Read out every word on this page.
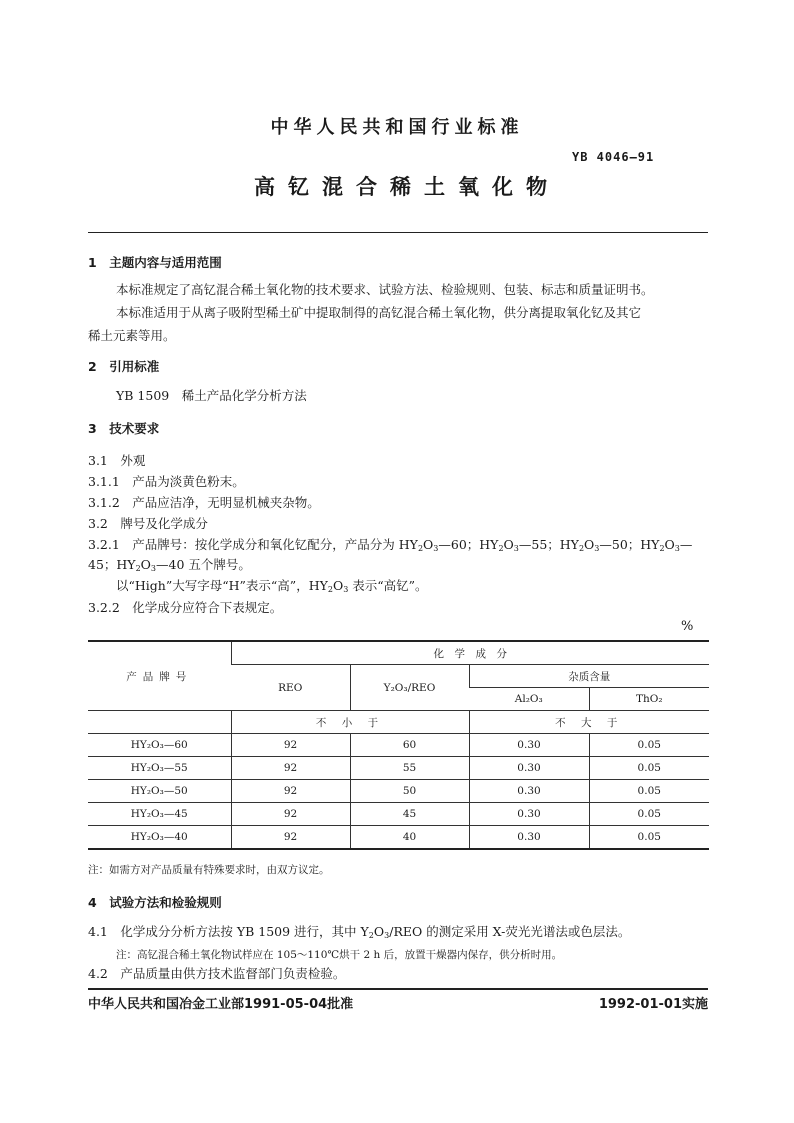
中华人民共和国行业标准
YB 4046—91
高钇混合稀土氧化物
1　主题内容与适用范围
本标准规定了高钇混合稀土氧化物的技术要求、试验方法、检验规则、包装、标志和质量证明书。
本标准适用于从离子吸附型稀土矿中提取制得的高钇混合稀土氧化物，供分离提取氧化钇及其它
稀土元素等用。
2　引用标准
YB 1509　稀土产品化学分析方法
3　技术要求
3.1　外观
3.1.1　产品为淡黄色粉末。
3.1.2　产品应洁净，无明显机械夹杂物。
3.2　牌号及化学成分
3.2.1　产品牌号：按化学成分和氧化钇配分，产品分为 $HY_2O_3—60$；$HY_2O_3—55$；$HY_2O_3—50$；$HY_2O_3—$
45；$HY_2O_3—40$ 五个牌号。
以“High”大写字母“H”表示“高”，$HY_2O_3$ 表示“高钇”。
3.2.2　化学成分应符合下表规定。
%
产品牌号	化　学　成　分			
	REO	Y₂O₃/REO	杂质含量	
			Al₂O₃	ThO₂
	不 小 于		不 大 于	
HY₂O₃—60	92	60	0.30	0.05
HY₂O₃—55	92	55	0.30	0.05
HY₂O₃—50	92	50	0.30	0.05
HY₂O₃—45	92	45	0.30	0.05
HY₂O₃—40	92	40	0.30	0.05
注：如需方对产品质量有特殊要求时，由双方议定。
4　试验方法和检验规则
4.1　化学成分分析方法按 YB 1509 进行，其中 $Y_2O_3$/REO 的测定采用 X-荧光光谱法或色层法。
注：高钇混合稀土氧化物试样应在 105～110℃烘干 2 h 后，放置干燥器内保存，供分析时用。
4.2　产品质量由供方技术监督部门负责检验。
中华人民共和国冶金工业部1991-05-04批准	1992-01-01实施
